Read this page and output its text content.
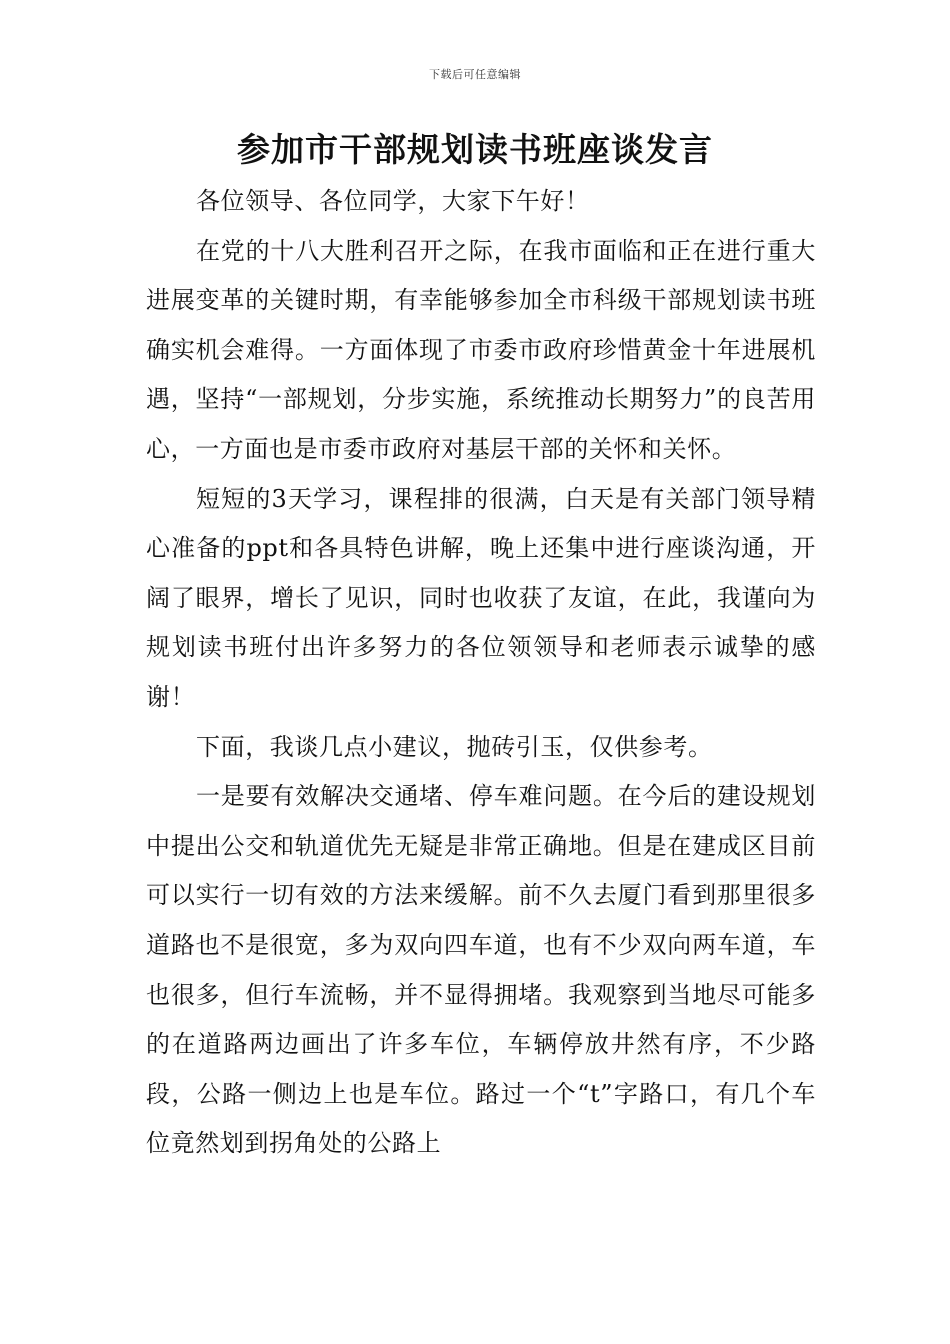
下载后可任意编辑
参加市干部规划读书班座谈发言

各位领导、各位同学，大家下午好！

在党的十八大胜利召开之际，在我市面临和正在进行重大进展变革的关键时期，有幸能够参加全市科级干部规划读书班确实机会难得。一方面体现了市委市政府珍惜黄金十年进展机遇，坚持“一部规划，分步实施，系统推动长期努力”的良苦用心，一方面也是市委市政府对基层干部的关怀和关怀。

短短的3天学习，课程排的很满，白天是有关部门领导精心准备的ppt和各具特色讲解，晚上还集中进行座谈沟通，开阔了眼界，增长了见识，同时也收获了友谊，在此，我谨向为规划读书班付出许多努力的各位领领导和老师表示诚挚的感谢！

下面，我谈几点小建议，抛砖引玉，仅供参考。

一是要有效解决交通堵、停车难问题。在今后的建设规划中提出公交和轨道优先无疑是非常正确地。但是在建成区目前可以实行一切有效的方法来缓解。前不久去厦门看到那里很多道路也不是很宽，多为双向四车道，也有不少双向两车道，车也很多，但行车流畅，并不显得拥堵。我观察到当地尽可能多的在道路两边画出了许多车位，车辆停放井然有序，不少路段，公路一侧边上也是车位。路过一个“t”字路口，有几个车位竟然划到拐角处的公路上
